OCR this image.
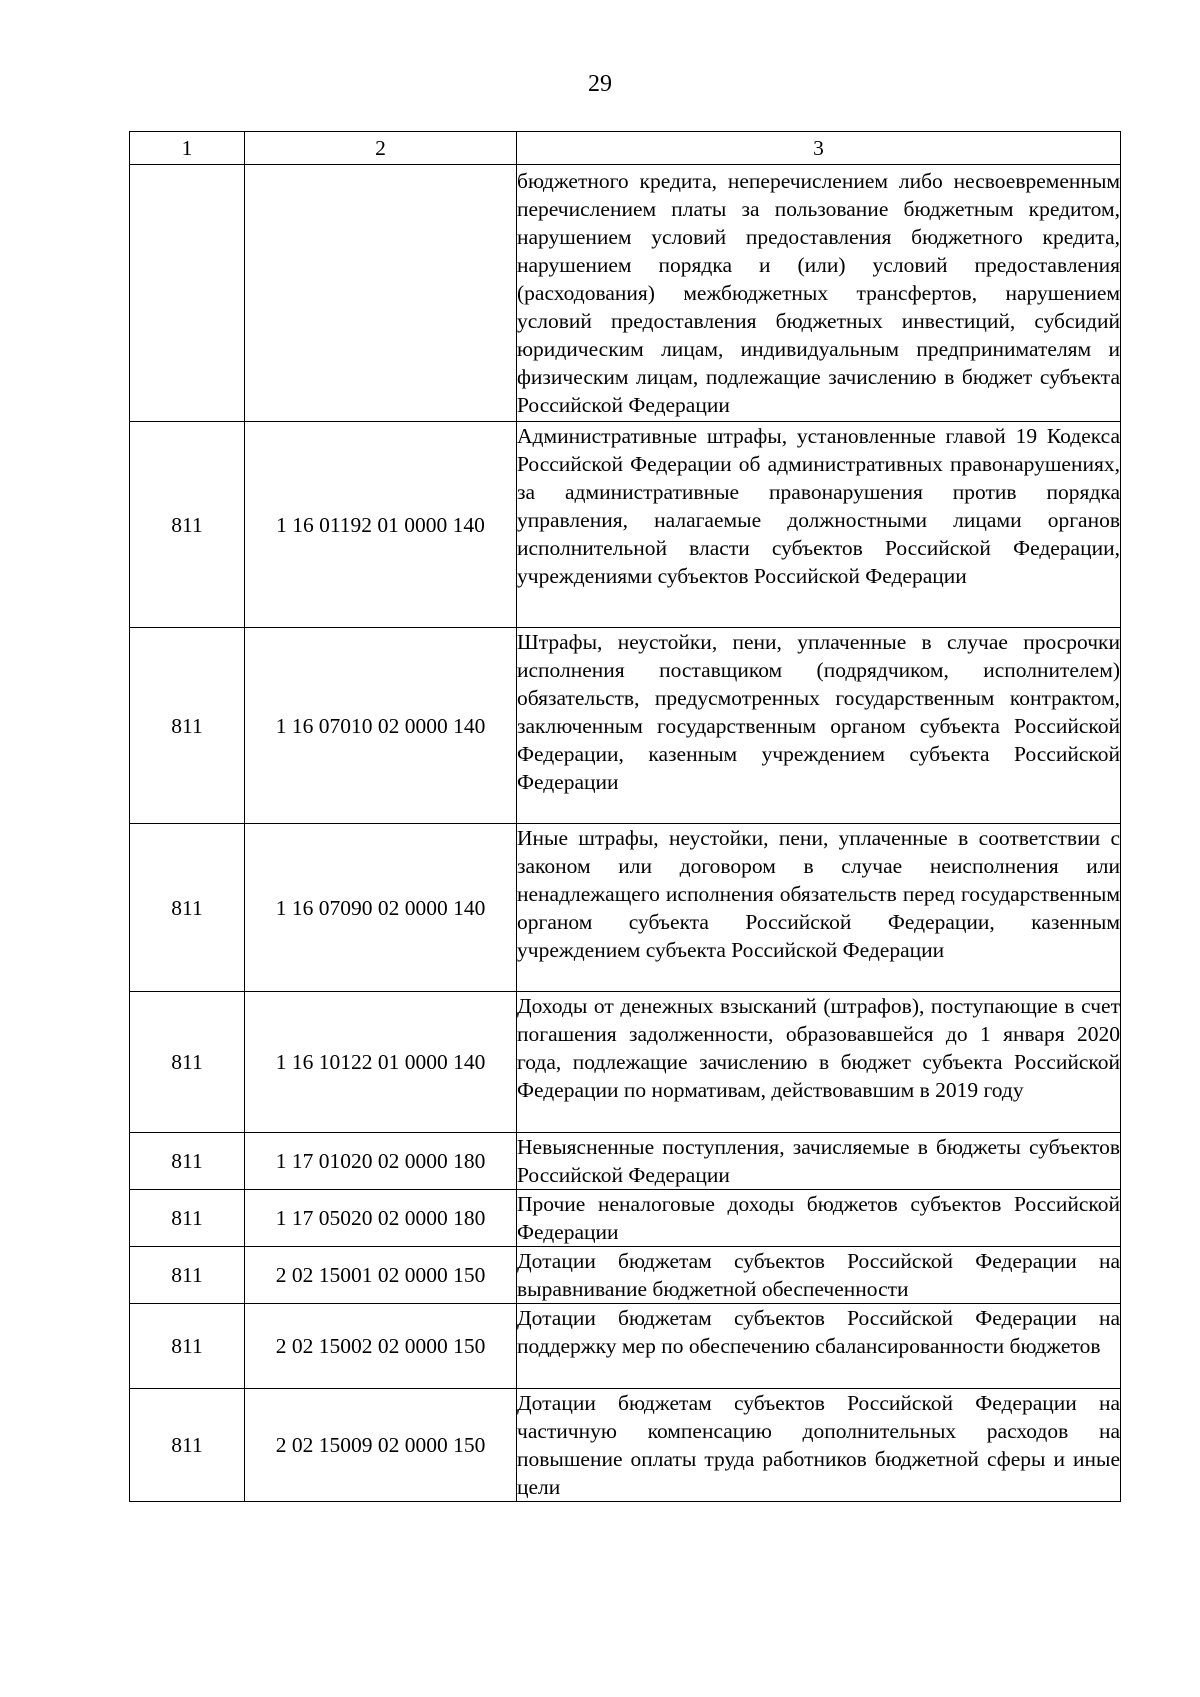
29
1	2	3

		бюджетного кредита, неперечислением либо несвоевременным перечислением платы за пользование бюджетным кредитом, нарушением условий предоставления бюджетного кредита, нарушением порядка и (или) условий предоставления (расходования) межбюджетных трансфертов, нарушением условий предоставления бюджетных инвестиций, субсидий юридическим лицам, индивидуальным предпринимателям и физическим лицам, подлежащие зачислению в бюджет субъекта Российской Федерации

811	1 16 01192 01 0000 140	Административные штрафы, установленные главой 19 Кодекса Российской Федерации об административных правонарушениях, за административные правонарушения против порядка управления, налагаемые должностными лицами органов исполнительной власти субъектов Российской Федерации, учреждениями субъектов Российской Федерации

811	1 16 07010 02 0000 140	Штрафы, неустойки, пени, уплаченные в случае просрочки исполнения поставщиком (подрядчиком, исполнителем) обязательств, предусмотренных государственным контрактом, заключенным государственным органом субъекта Российской Федерации, казенным учреждением субъекта Российской Федерации

811	1 16 07090 02 0000 140	Иные штрафы, неустойки, пени, уплаченные в соответствии с законом или договором в случае неисполнения или ненадлежащего исполнения обязательств перед государственным органом субъекта Российской Федерации, казенным учреждением субъекта Российской Федерации

811	1 16 10122 01 0000 140	Доходы от денежных взысканий (штрафов), поступающие в счет погашения задолженности, образовавшейся до 1 января 2020 года, подлежащие зачислению в бюджет субъекта Российской Федерации по нормативам, действовавшим в 2019 году

811	1 17 01020 02 0000 180	Невыясненные поступления, зачисляемые в бюджеты субъектов Российской Федерации

811	1 17 05020 02 0000 180	Прочие неналоговые доходы бюджетов субъектов Российской Федерации

811	2 02 15001 02 0000 150	Дотации бюджетам субъектов Российской Федерации на выравнивание бюджетной обеспеченности

811	2 02 15002 02 0000 150	Дотации бюджетам субъектов Российской Федерации на поддержку мер по обеспечению сбалансированности бюджетов

811	2 02 15009 02 0000 150	Дотации бюджетам субъектов Российской Федерации на частичную компенсацию дополнительных расходов на повышение оплаты труда работников бюджетной сферы и иные цели
